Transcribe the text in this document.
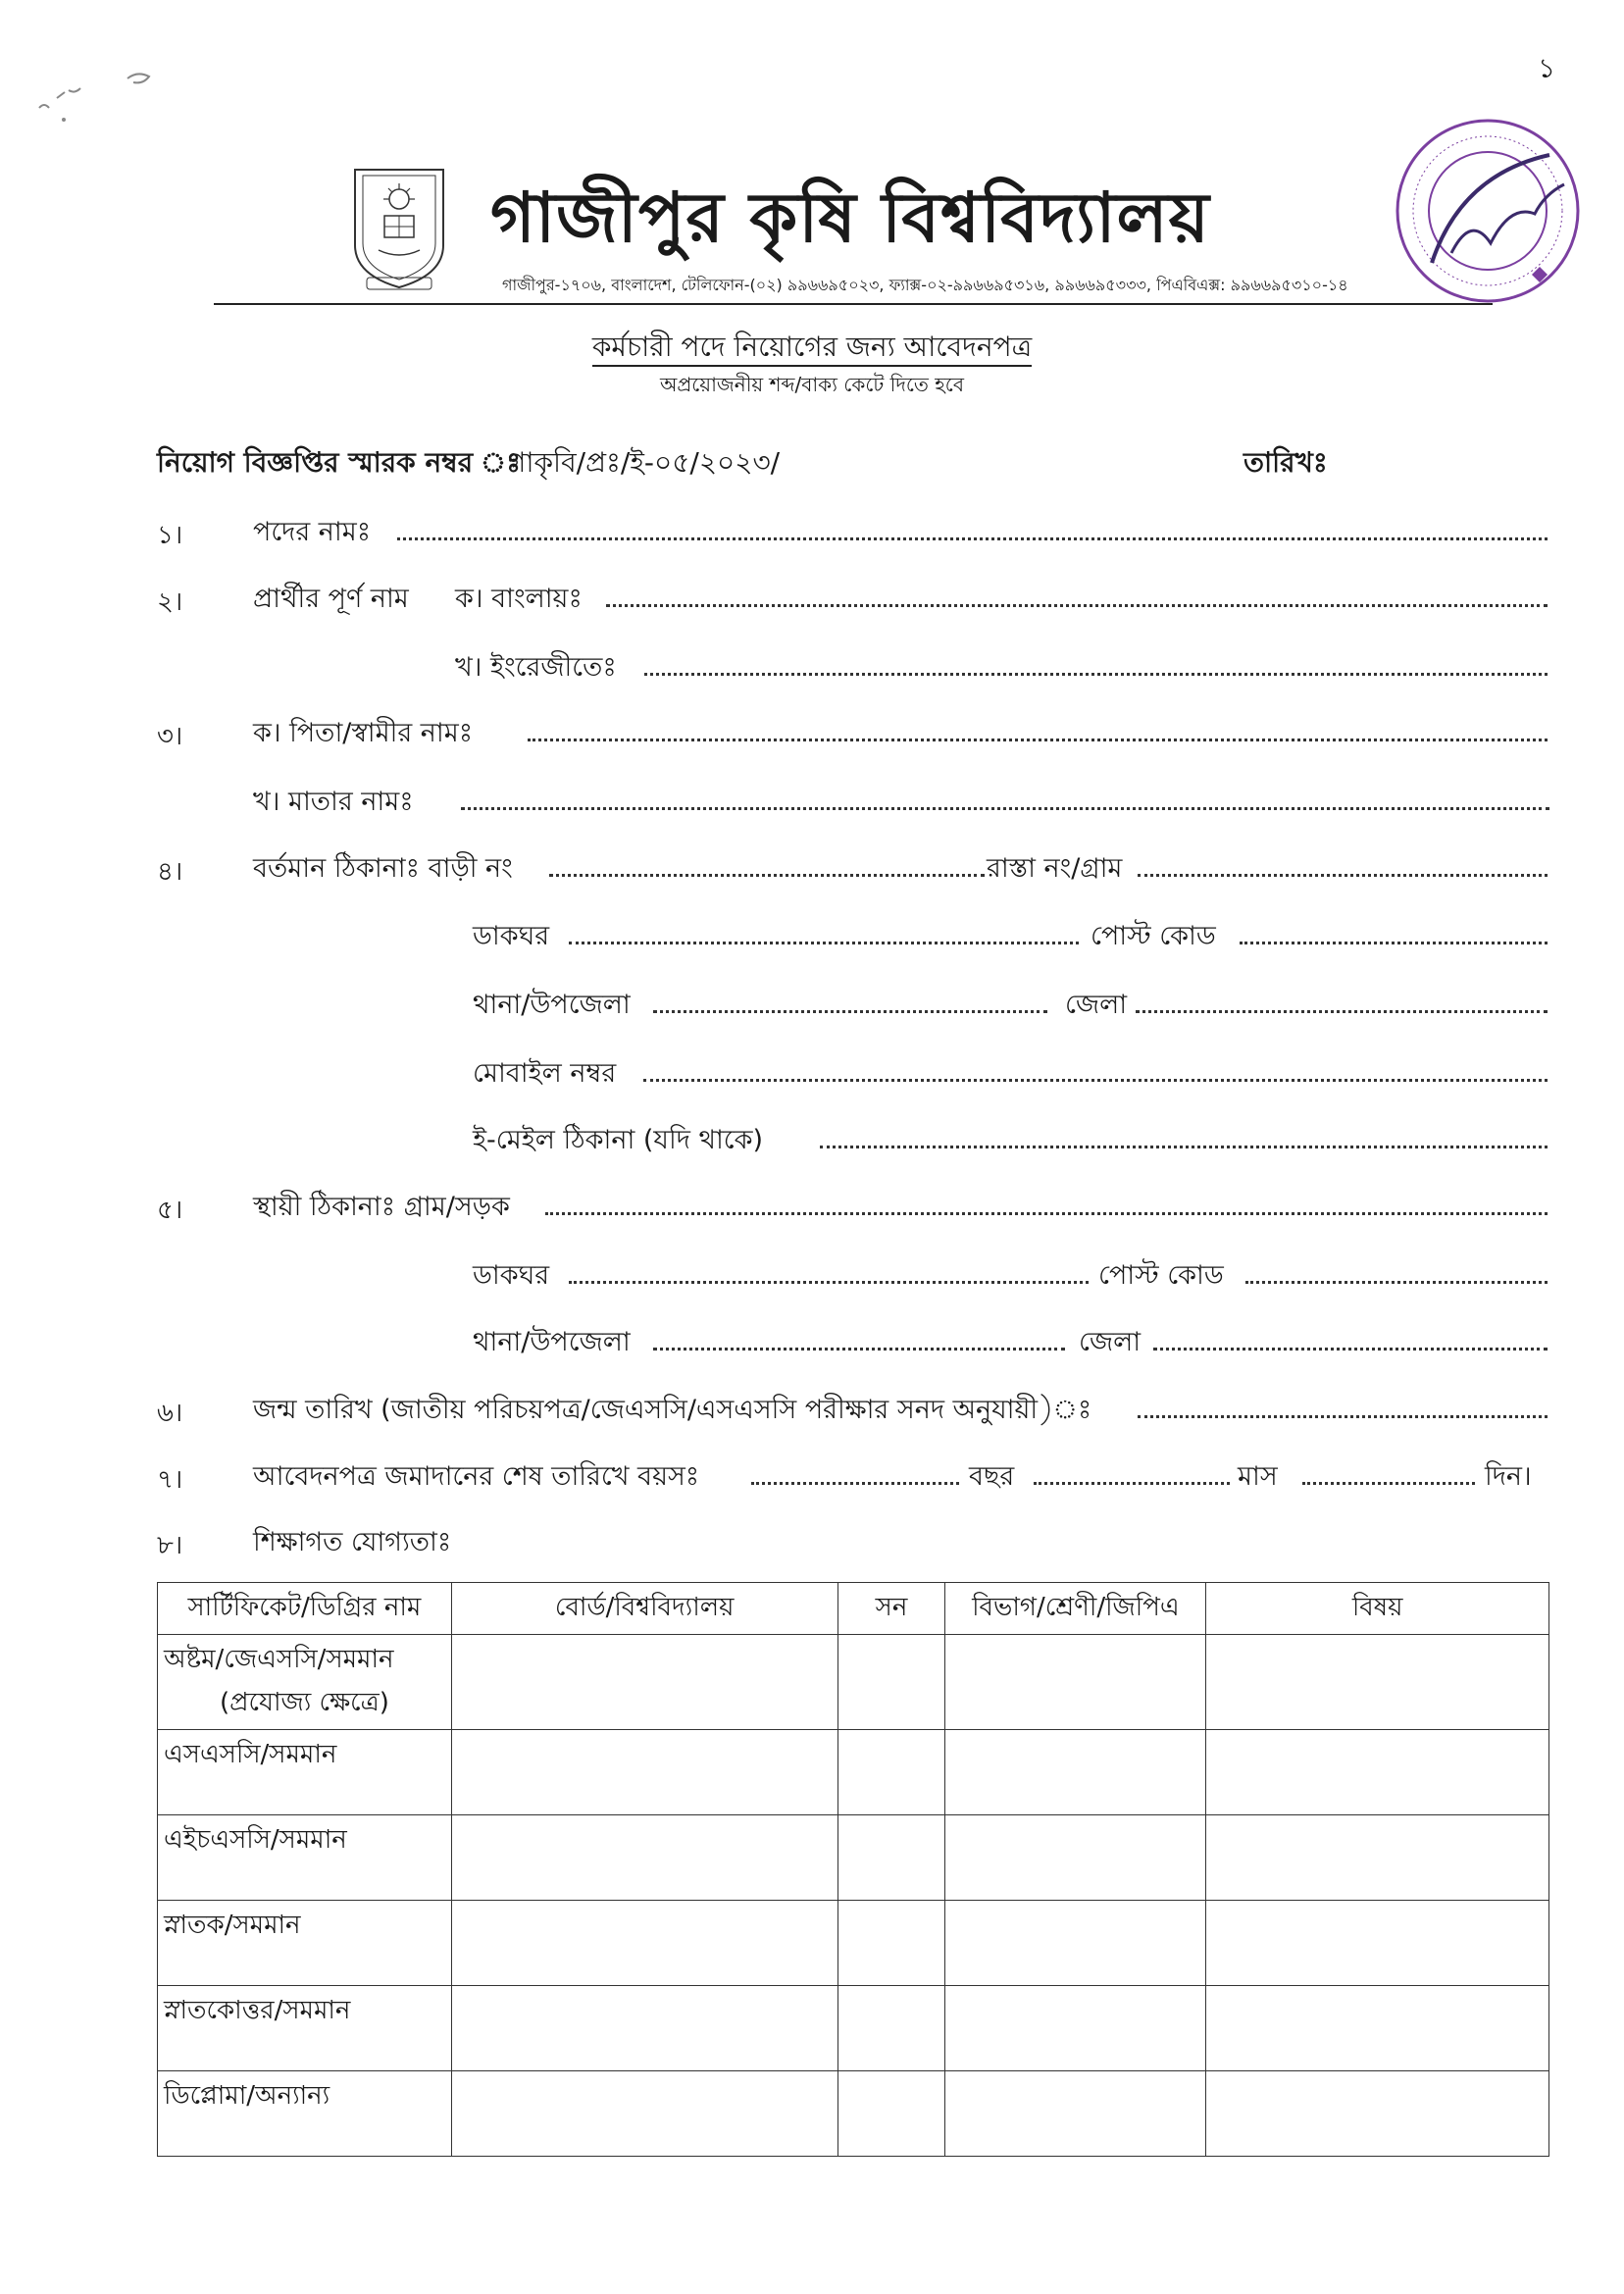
১
গাজীপুর কৃষি বিশ্ববিদ্যালয়
গাজীপুর-১৭০৬, বাংলাদেশ, টেলিফোন-(০২) ৯৯৬৬৯৫০২৩, ফ্যাক্স-০২-৯৯৬৬৯৫৩১৬, ৯৯৬৬৯৫৩৩৩, পিএবিএক্স: ৯৯৬৬৯৫৩১০-১৪
কর্মচারী পদে নিয়োগের জন্য আবেদনপত্র
অপ্রয়োজনীয় শব্দ/বাক্য কেটে দিতে হবে
নিয়োগ বিজ্ঞপ্তির স্মারক নম্বর ঃ
গাকৃবি/প্রঃ/ই-০৫/২০২৩/	তারিখঃ
১।	পদের নামঃ
২।	প্রার্থীর পূর্ণ নাম ক। বাংলায়ঃ
খ। ইংরেজীতেঃ
৩।	ক। পিতা/স্বামীর নামঃ
খ। মাতার নামঃ
৪।	বর্তমান ঠিকানাঃ বাড়ী নং	রাস্তা নং/গ্রাম
ডাকঘর	পোস্ট কোড
থানা/উপজেলা	জেলা
মোবাইল নম্বর
ই-মেইল ঠিকানা (যদি থাকে)
৫।	স্থায়ী ঠিকানাঃ গ্রাম/সড়ক
ডাকঘর	পোস্ট কোড
থানা/উপজেলা	জেলা
৬।	জন্ম তারিখ (জাতীয় পরিচয়পত্র/জেএসসি/এসএসসি পরীক্ষার সনদ অনুযায়ী)ঃ
৭।	আবেদনপত্র জমাদানের শেষ তারিখে বয়সঃ	বছর	মাস	দিন।
৮।	শিক্ষাগত যোগ্যতাঃ
সার্টিফিকেট/ডিগ্রির নাম	বোর্ড/বিশ্ববিদ্যালয়	সন	বিভাগ/শ্রেণী/জিপিএ	বিষয়
অষ্টম/জেএসসি/সমমান
(প্রযোজ্য ক্ষেত্রে)				

এসএসসি/সমমান				
এইচএসসি/সমমান				
স্নাতক/সমমান				
স্নাতকোত্তর/সমমান				
ডিপ্লোমা/অন্যান্য				
